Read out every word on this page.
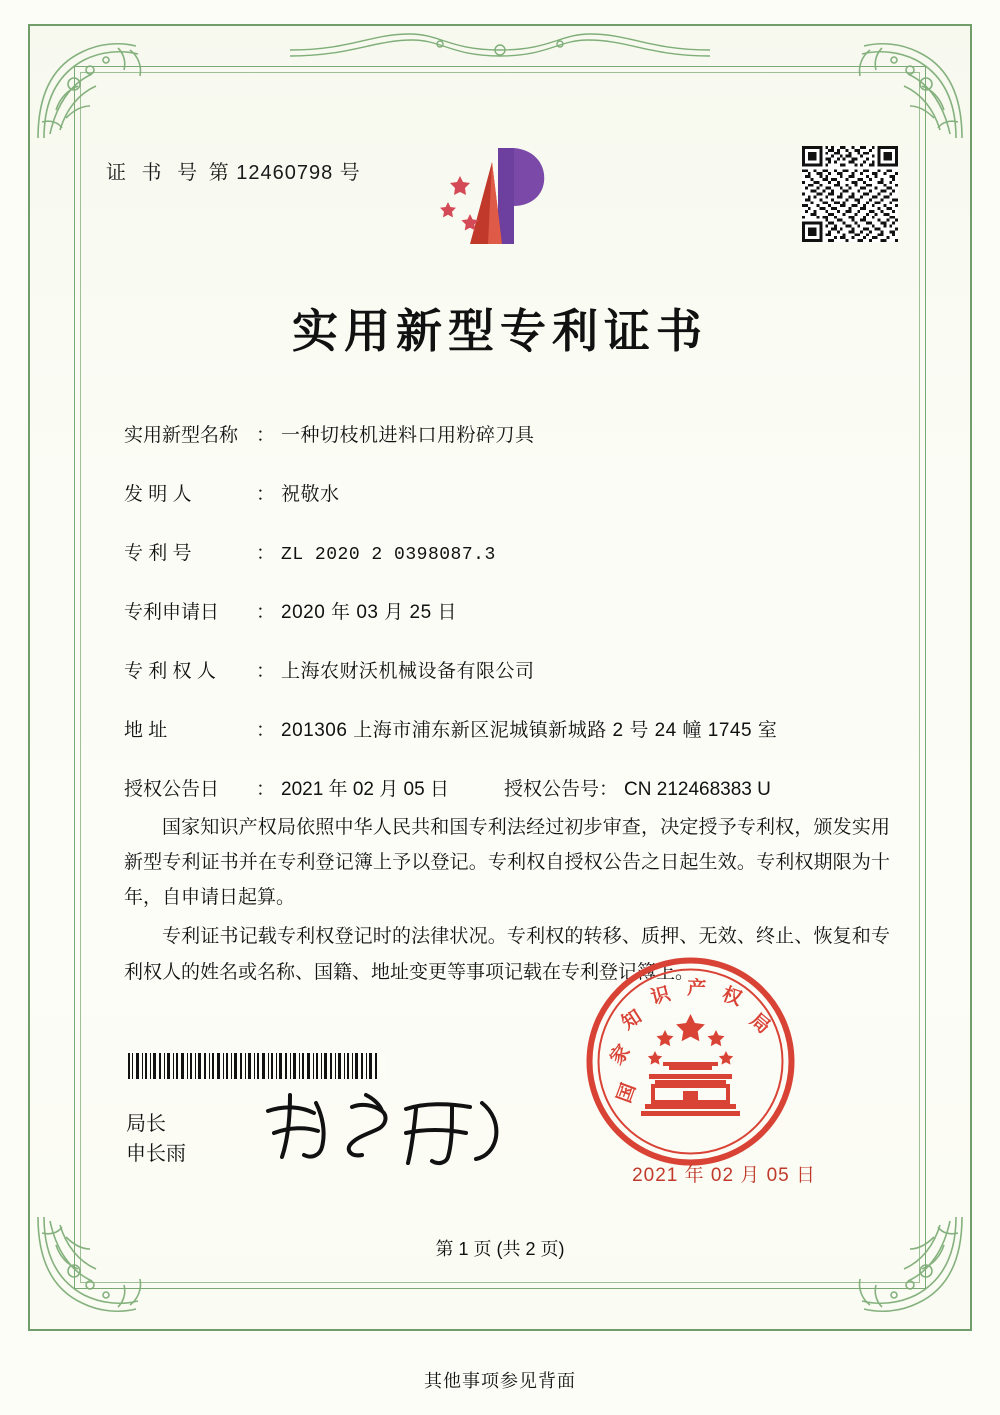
证 书 号 第 12460798 号
实用新型专利证书
实用新型名称 ： 一种切枝机进料口用粉碎刀具
发 明 人	： 祝敬水
专 利 号	： ZL 2020 2 0398087.3
专利申请日	： 2020 年 03 月 25 日
专 利 权 人	： 上海农财沃机械设备有限公司
地 址	： 201306 上海市浦东新区泥城镇新城路 2 号 24 幢 1745 室
授权公告日	： 2021 年 02 月 05 日	授权公告号 ： CN 212468383 U

国家知识产权局依照中华人民共和国专利法经过初步审查，决定授予专利权，颁发实用新型专利证书并在专利登记簿上予以登记。专利权自授权公告之日起生效。专利权期限为十年，自申请日起算。

专利证书记载专利权登记时的法律状况。专利权的转移、质押、无效、终止、恢复和专利权人的姓名或名称、国籍、地址变更等事项记载在专利登记簿上。

局长
申长雨
国
家
知
识 产 权
局
2021 年 02 月 05 日
第 1 页 (共 2 页)
其他事项参见背面
